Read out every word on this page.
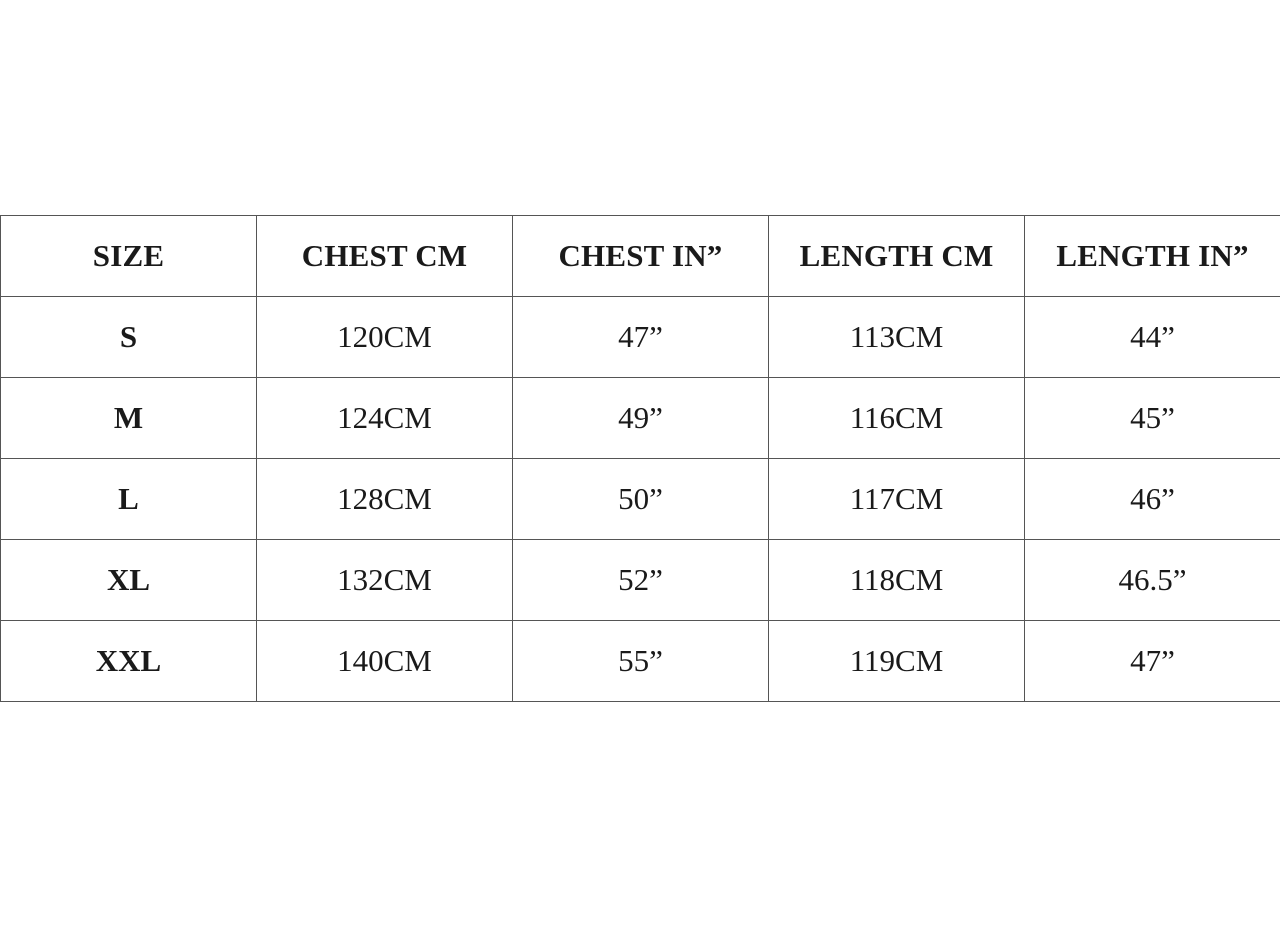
SIZE	CHEST CM	CHEST IN”	LENGTH CM	LENGTH IN”
S	120CM	47”	113CM	44”
M	124CM	49”	116CM	45”
L	128CM	50”	117CM	46”
XL	132CM	52”	118CM	46.5”
XXL	140CM	55”	119CM	47”
